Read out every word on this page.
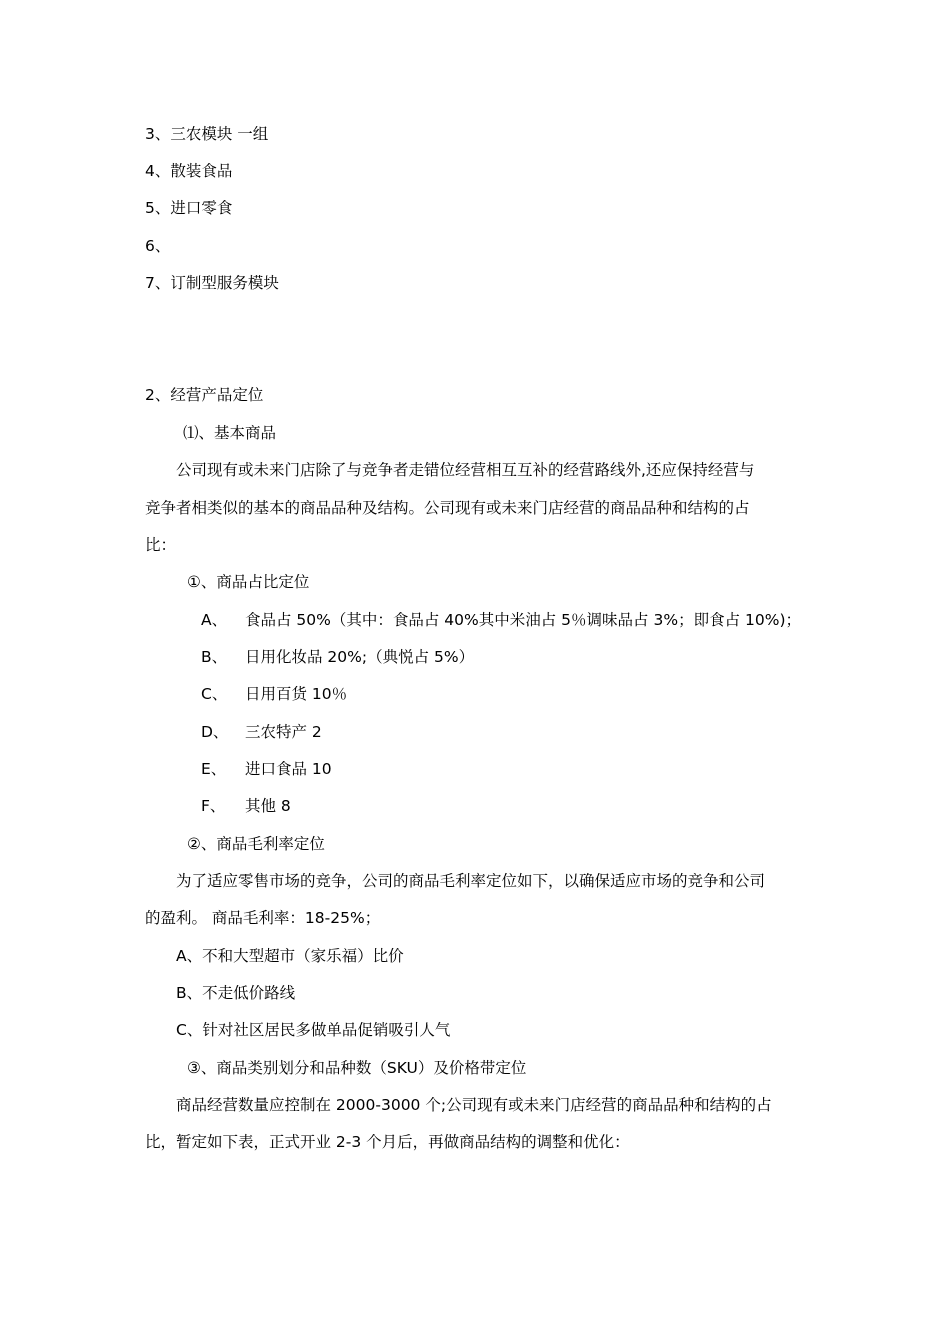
3、三农模块 一组
4、散装食品
5、进口零食
6、
7、订制型服务模块
2、经营产品定位
⑴、基本商品
公司现有或未来门店除了与竞争者走错位经营相互互补的经营路线外,还应保持经营与
竞争者相类似的基本的商品品种及结构。公司现有或未来门店经营的商品品种和结构的占
比：
①、商品占比定位
A、 食品占 50%（其中：食品占 40%其中米油占 5％调味品占 3%；即食占 10%)；
B、 日用化妆品 20%;（典悦占 5%）
C、 日用百货 10％
D、 三农特产 2
E、 进口食品 10
F、 其他 8
②、商品毛利率定位
为了适应零售市场的竞争，公司的商品毛利率定位如下，以确保适应市场的竞争和公司
的盈利。 商品毛利率：18-25%；
A、不和大型超市（家乐福）比价
B、不走低价路线
C、针对社区居民多做单品促销吸引人气
③、商品类别划分和品种数（SKU）及价格带定位
商品经营数量应控制在 2000-3000 个;公司现有或未来门店经营的商品品种和结构的占
比，暂定如下表，正式开业 2-3 个月后，再做商品结构的调整和优化：
